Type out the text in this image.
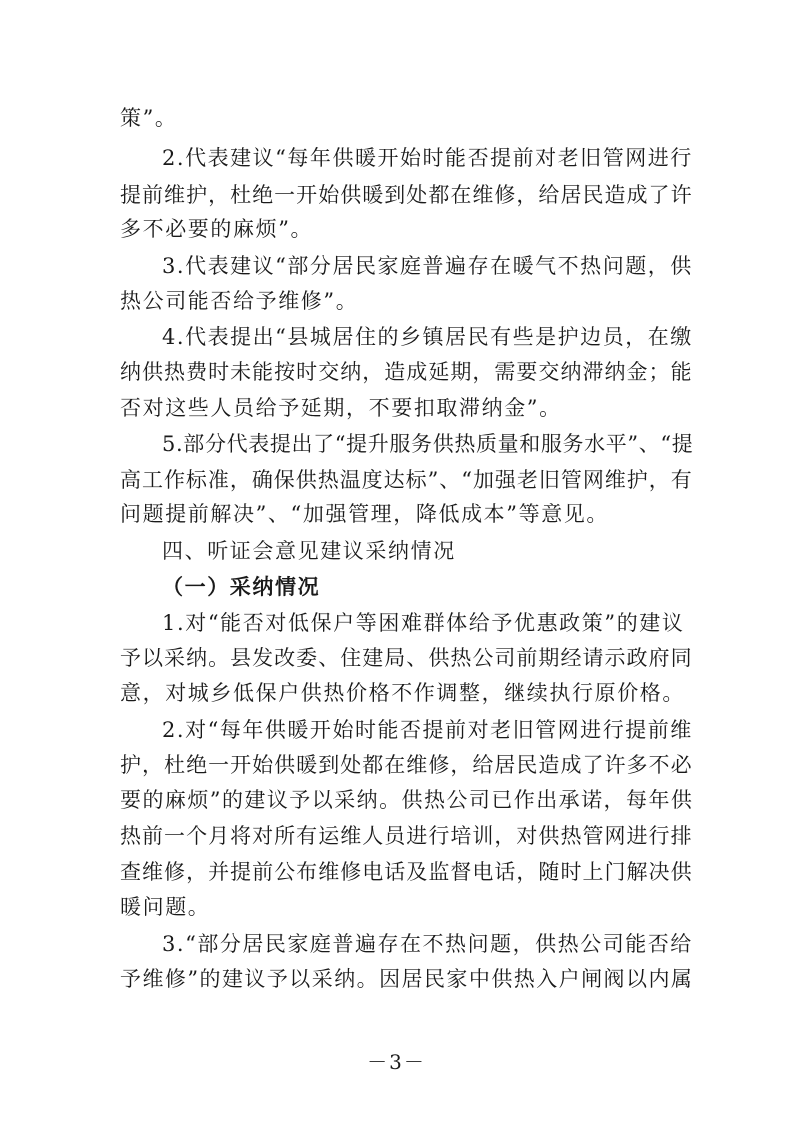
策”。
2.代表建议“每年供暖开始时能否提前对老旧管网进行
提前维护，杜绝一开始供暖到处都在维修，给居民造成了许
多不必要的麻烦”。
3.代表建议“部分居民家庭普遍存在暖气不热问题，供
热公司能否给予维修”。
4.代表提出“县城居住的乡镇居民有些是护边员，在缴
纳供热费时未能按时交纳，造成延期，需要交纳滞纳金；能
否对这些人员给予延期，不要扣取滞纳金”。
5.部分代表提出了“提升服务供热质量和服务水平”、“提
高工作标准，确保供热温度达标”、“加强老旧管网维护，有
问题提前解决”、“加强管理，降低成本”等意见。
四、听证会意见建议采纳情况
（一）采纳情况
1.对“能否对低保户等困难群体给予优惠政策”的建议
予以采纳。县发改委、住建局、供热公司前期经请示政府同
意，对城乡低保户供热价格不作调整，继续执行原价格。
2.对“每年供暖开始时能否提前对老旧管网进行提前维
护，杜绝一开始供暖到处都在维修，给居民造成了许多不必
要的麻烦”的建议予以采纳。供热公司已作出承诺，每年供
热前一个月将对所有运维人员进行培训，对供热管网进行排
查维修，并提前公布维修电话及监督电话，随时上门解决供
暖问题。
3.“部分居民家庭普遍存在不热问题，供热公司能否给
予维修”的建议予以采纳。因居民家中供热入户闸阀以内属
－3－
